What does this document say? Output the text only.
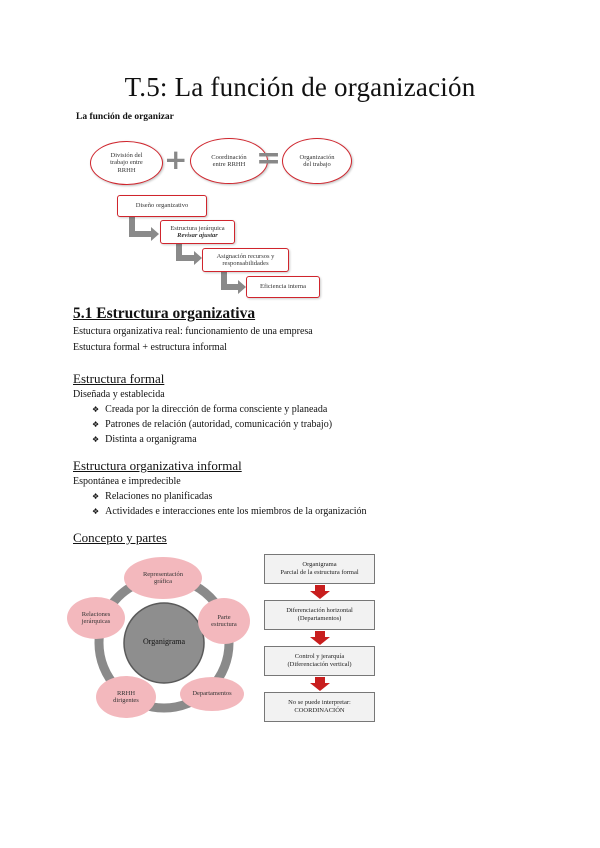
T.5: La función de organización
La función de organizar
División del
trabajo entre
RRHH +	Coordinación
entre RRHH =	Organización
del trabajo
Diseño organizativo
Estructura jerárquica
Revisar ajustar
Asignación recursos y
responsabilidades
Eficiencia interna
5.1 Estructura organizativa
Estuctura organizativa real: funcionamiento de una empresa
Estuctura formal + estructura informal
Estructura formal
Diseñada y establecida
❖ Creada por la dirección de forma consciente y planeada
❖ Patrones de relación (autoridad, comunicación y trabajo)
❖ Distinta a organigrama
Estructura organizativa informal
Espontánea e impredecible
❖ Relaciones no planificadas
❖ Actividades e interacciones ente los miembros de la organización
Concepto y partes
Organigrama
Representación
gráfica
Parte
estructura
Departamentos
RRHH
dirigentes
Relaciones
jerárquicas
Organigrama
Parcial de la estructura formal
Diferenciación horizontal
(Departamentos)
Control y jerarquía
(Diferenciación vertical)
No se puede interpretar:
COORDINACIÓN
